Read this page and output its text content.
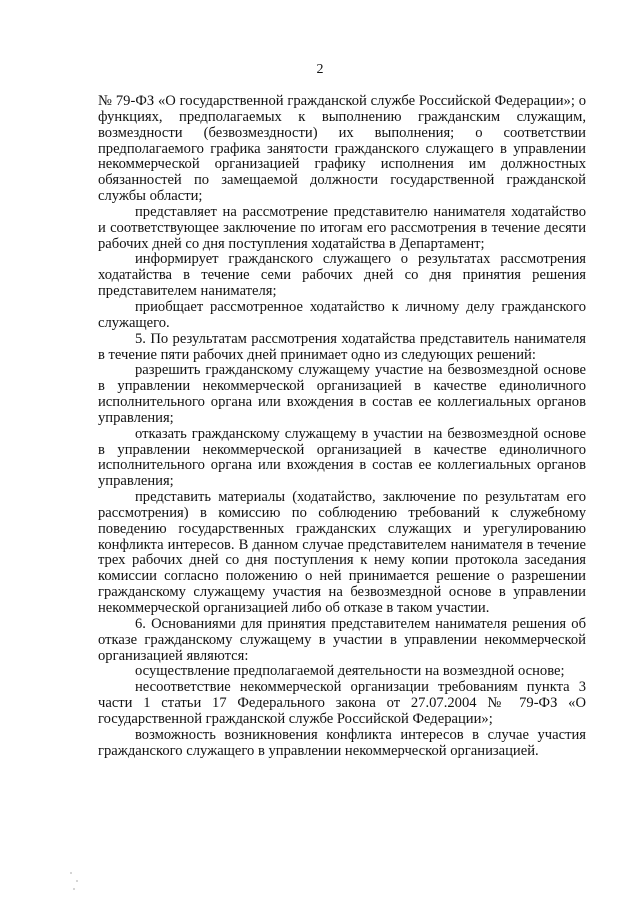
2

№ 79-ФЗ «О государственной гражданской службе Российской Федерации»; о функциях, предполагаемых к выполнению гражданским служащим, возмездности (безвозмездности) их выполнения; о соответствии предполагаемого графика занятости гражданского служащего в управлении некоммерческой организацией графику исполнения им должностных обязанностей по замещаемой должности государственной гражданской службы области;

представляет на рассмотрение представителю нанимателя ходатайство и соответствующее заключение по итогам его рассмотрения в течение десяти рабочих дней со дня поступления ходатайства в Департамент;

информирует гражданского служащего о результатах рассмотрения ходатайства в течение семи рабочих дней со дня принятия решения представителем нанимателя;

приобщает рассмотренное ходатайство к личному делу гражданского служащего.

5. По результатам рассмотрения ходатайства представитель нанимателя в течение пяти рабочих дней принимает одно из следующих решений:

разрешить гражданскому служащему участие на безвозмездной основе в управлении некоммерческой организацией в качестве единоличного исполнительного органа или вхождения в состав ее коллегиальных органов управления;

отказать гражданскому служащему в участии на безвозмездной основе в управлении некоммерческой организацией в качестве единоличного исполнительного органа или вхождения в состав ее коллегиальных органов управления;

представить материалы (ходатайство, заключение по результатам его рассмотрения) в комиссию по соблюдению требований к служебному поведению государственных гражданских служащих и урегулированию конфликта интересов. В данном случае представителем нанимателя в течение трех рабочих дней со дня поступления к нему копии протокола заседания комиссии согласно положению о ней принимается решение о разрешении гражданскому служащему участия на безвозмездной основе в управлении некоммерческой организацией либо об отказе в таком участии.

6. Основаниями для принятия представителем нанимателя решения об отказе гражданскому служащему в участии в управлении некоммерческой организацией являются:

осуществление предполагаемой деятельности на возмездной основе;

несоответствие некоммерческой организации требованиям пункта 3 части 1 статьи 17 Федерального закона от 27.07.2004 № 79-ФЗ «О государственной гражданской службе Российской Федерации»;

возможность возникновения конфликта интересов в случае участия гражданского служащего в управлении некоммерческой организацией.
